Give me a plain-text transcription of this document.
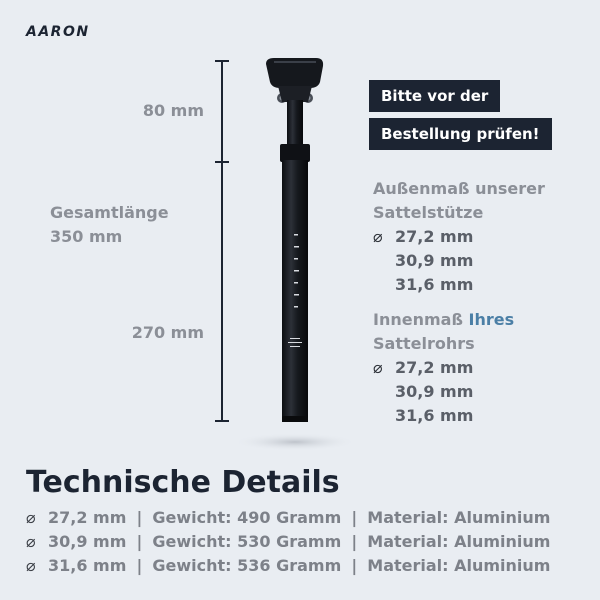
AARON
80 mm
Gesamtlänge
350 mm
270 mm
Bitte vor der
Bestellung prüfen!
Außenmaß unserer
Sattelstütze
⌀ 27,2 mm
30,9 mm
31,6 mm
Innenmaß Ihres
Sattelrohrs
⌀ 27,2 mm
30,9 mm
31,6 mm
Technische Details
⌀ 27,2 mm | Gewicht: 490 Gramm | Material: Aluminium
⌀ 30,9 mm | Gewicht: 530 Gramm | Material: Aluminium
⌀ 31,6 mm | Gewicht: 536 Gramm | Material: Aluminium
